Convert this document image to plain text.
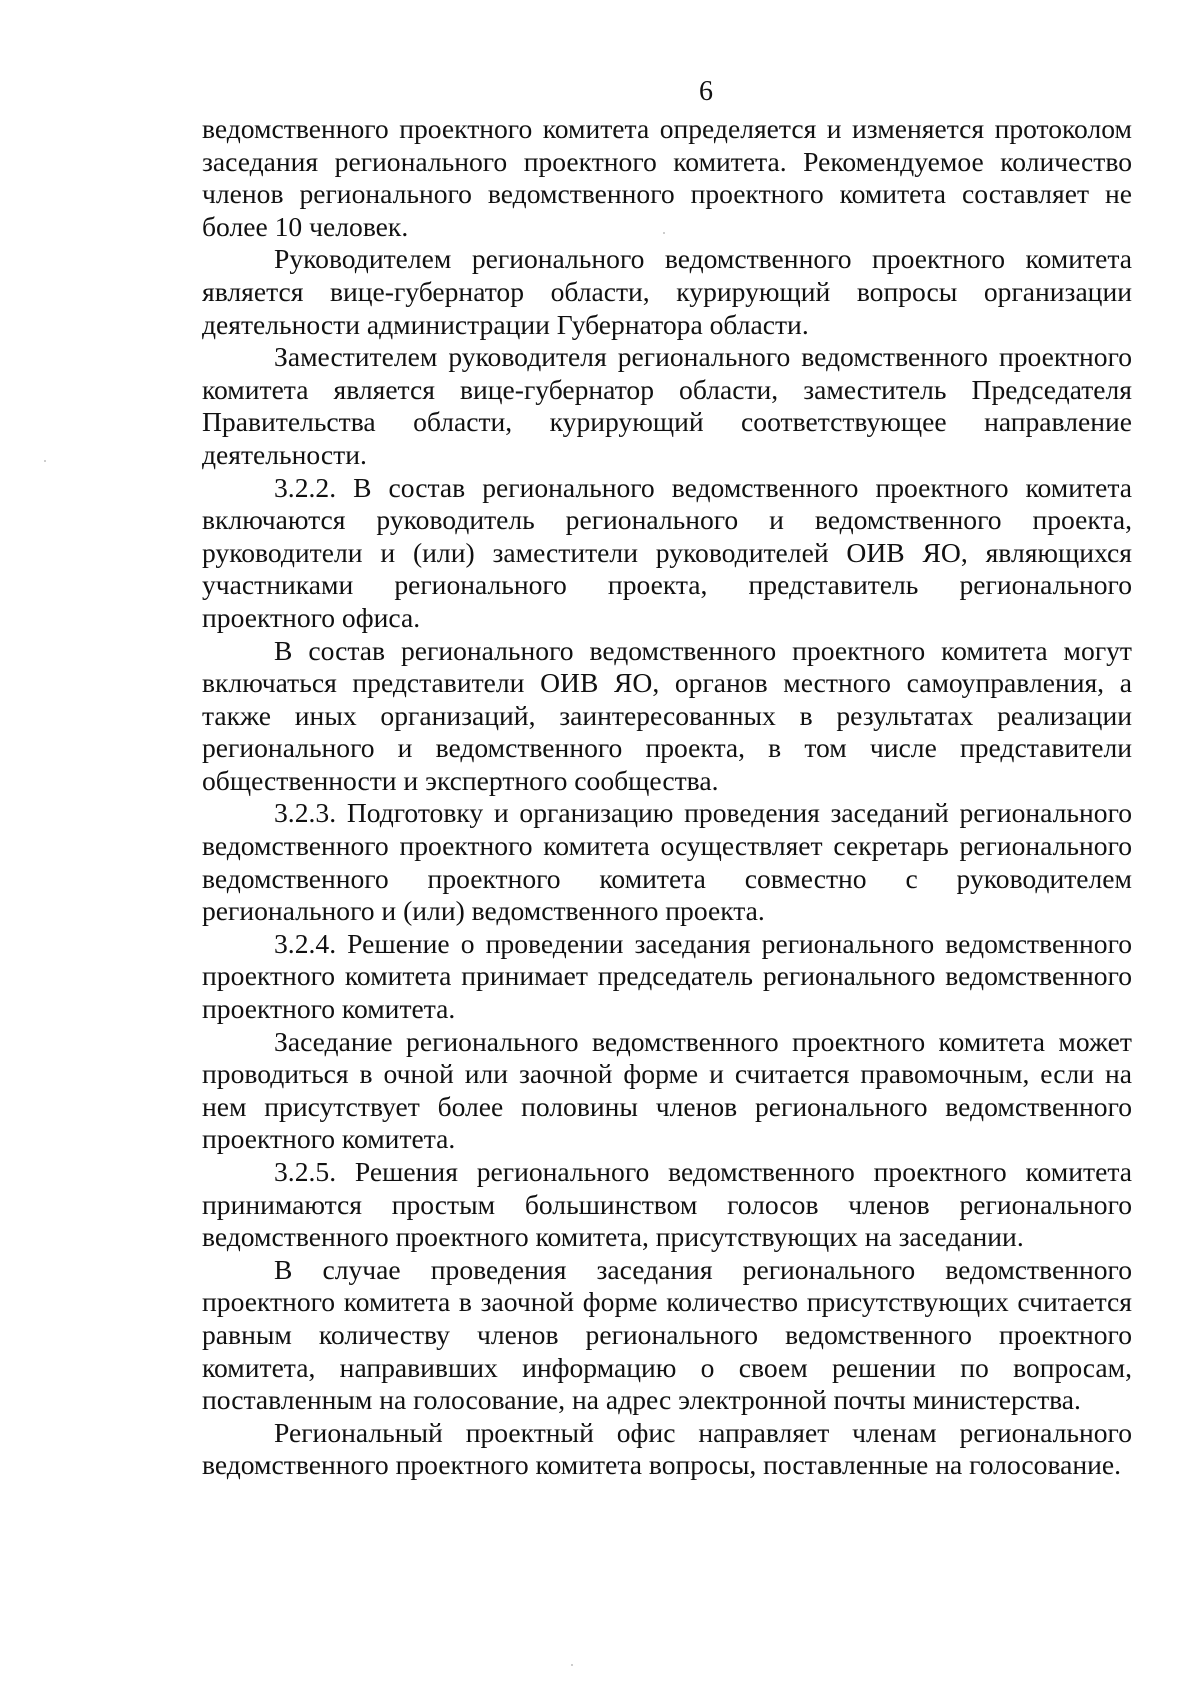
6

ведомственного проектного комитета определяется и изменяется протоколом заседания регионального проектного комитета. Рекомендуемое количество членов регионального ведомственного проектного комитета составляет не более 10 человек.

Руководителем регионального ведомственного проектного комитета является вице-губернатор области, курирующий вопросы организации деятельности администрации Губернатора области.

Заместителем руководителя регионального ведомственного проектного комитета является вице-губернатор области, заместитель Председателя Правительства области, курирующий соответствующее направление деятельности.

3.2.2. В состав регионального ведомственного проектного комитета включаются руководитель регионального и ведомственного проекта, руководители и (или) заместители руководителей ОИВ ЯО, являющихся участниками регионального проекта, представитель регионального проектного офиса.

В состав регионального ведомственного проектного комитета могут включаться представители ОИВ ЯО, органов местного самоуправления, а также иных организаций, заинтересованных в результатах реализации регионального и ведомственного проекта, в том числе представители общественности и экспертного сообщества.

3.2.3. Подготовку и организацию проведения заседаний регионального ведомственного проектного комитета осуществляет секретарь регионального ведомственного проектного комитета совместно с руководителем регионального и (или) ведомственного проекта.

3.2.4. Решение о проведении заседания регионального ведомственного проектного комитета принимает председатель регионального ведомственного проектного комитета.

Заседание регионального ведомственного проектного комитета может проводиться в очной или заочной форме и считается правомочным, если на нем присутствует более половины членов регионального ведомственного проектного комитета.

3.2.5. Решения регионального ведомственного проектного комитета принимаются простым большинством голосов членов регионального ведомственного проектного комитета, присутствующих на заседании.

В случае проведения заседания регионального ведомственного проектного комитета в заочной форме количество присутствующих считается равным количеству членов регионального ведомственного проектного комитета, направивших информацию о своем решении по вопросам, поставленным на голосование, на адрес электронной почты министерства.

Региональный проектный офис направляет членам регионального ведомственного проектного комитета вопросы, поставленные на голосование.
